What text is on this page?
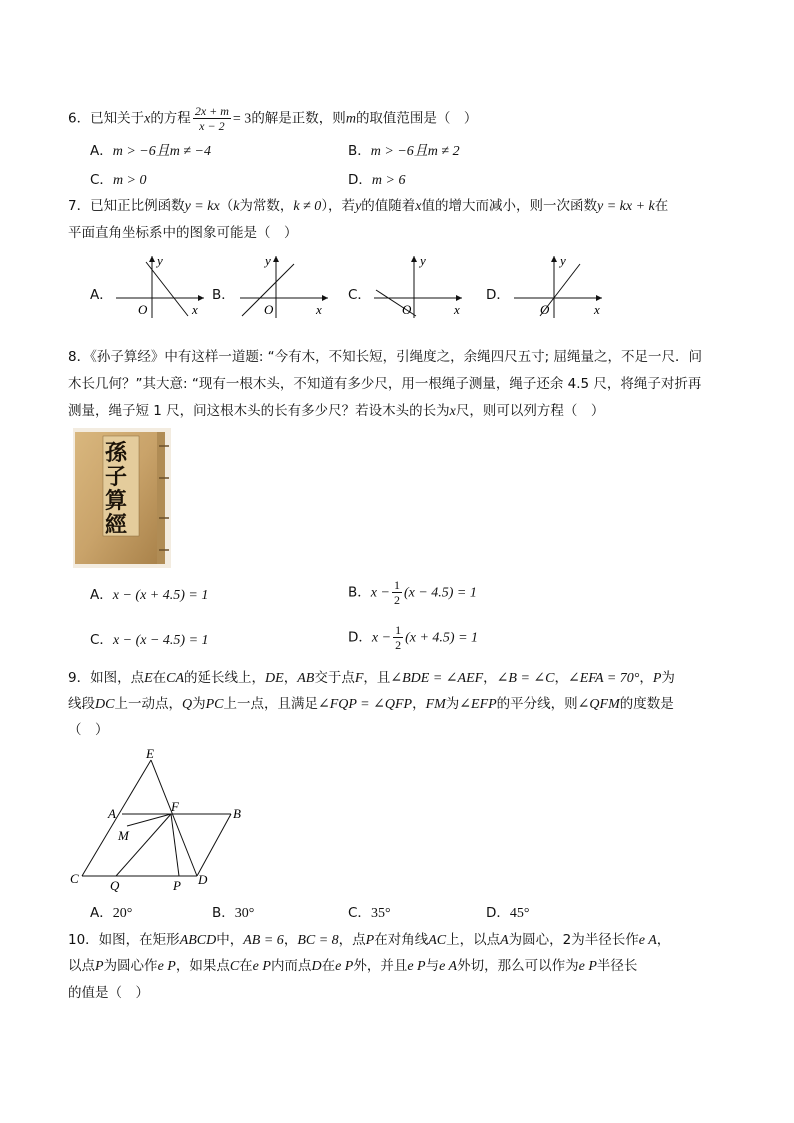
6．已知关于x的方程 $\frac{2x + m}{x - 2} = 3$的解是正数，则m的取值范围是（　）
A．m > −6且m ≠ −4	B．m > −6且m ≠ 2
C．m > 0	D．m > 6
7．已知正比例函数y = kx（k为常数，k ≠ 0），若y的值随着x值的增大而减小，则一次函数y = kx + k在
平面直角坐标系中的图象可能是（　）
A．
y
x
O
B．
y
x
O
C．
y
x
O
D．
y
x
O
8．《孙子算经》中有这样一道题: “今有木，不知长短，引绳度之，余绳四尺五寸; 屈绳量之，不足一尺．问
木长几何？”其大意: “现有一根木头，不知道有多少尺，用一根绳子测量，绳子还余 4.5 尺，将绳子对折再
测量，绳子短 1 尺，问这根木头的长有多少尺？若设木头的长为x尺，则可以列方程（　）
孫
子
算
經
A．x − (x + 4.5) = 1	B．$x - \frac{1}{2} (x - 4.5) = 1$
C．x − (x − 4.5) = 1	D．$x - \frac{1}{2} (x + 4.5) = 1$
9．如图，点E在CA的延长线上，DE，AB交于点F，且∠BDE = ∠AEF，∠B = ∠C，∠EFA = 70°，P为
线段DC上一动点，Q为PC上一点，且满足∠FQP = ∠QFP，FM为∠EFP的平分线，则∠QFM的度数是
（　）
E
A	F	B
M
C Q	P D
A．20°	B．30°	C．35°	D．45°
10．如图，在矩形ABCD中，AB = 6，BC = 8，点P在对角线AC上，以点A为圆心，2为半径长作e A，
以点P为圆心作e P，如果点C在e P内而点D在e P外，并且e P与e A外切，那么可以作为e P半径长
的值是（　）
